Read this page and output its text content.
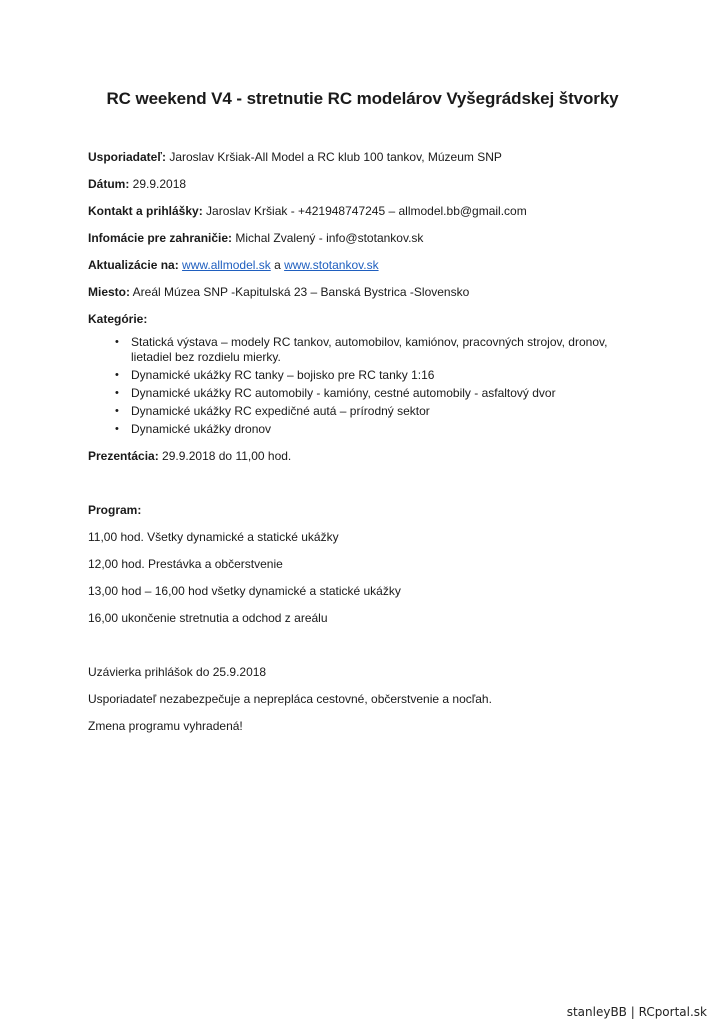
RC weekend V4 - stretnutie RC modelárov Vyšegrádskej štvorky

Usporiadateľ: Jaroslav Kršiak-All Model a RC klub 100 tankov, Múzeum SNP

Dátum: 29.9.2018

Kontakt a prihlášky: Jaroslav Kršiak - +421948747245 – allmodel.bb@gmail.com

Infomácie pre zahraničie: Michal Zvalený - info@stotankov.sk

Aktualizácie na: www.allmodel.sk a www.stotankov.sk

Miesto: Areál Múzea SNP -Kapitulská 23 – Banská Bystrica -Slovensko

Kategórie:

• Statická výstava – modely RC tankov, automobilov, kamiónov, pracovných strojov, dronov,
lietadiel bez rozdielu mierky.
• Dynamické ukážky RC tanky – bojisko pre RC tanky 1:16
• Dynamické ukážky RC automobily - kamióny, cestné automobily - asfaltový dvor
• Dynamické ukážky RC expedičné autá – prírodný sektor
• Dynamické ukážky dronov

Prezentácia: 29.9.2018 do 11,00 hod.

Program:

11,00 hod. Všetky dynamické a statické ukážky

12,00 hod. Prestávka a občerstvenie

13,00 hod – 16,00 hod všetky dynamické a statické ukážky

16,00 ukončenie stretnutia a odchod z areálu

Uzávierka prihlášok do 25.9.2018

Usporiadateľ nezabezpečuje a nepreplácа cestovné, občerstvenie a nocľah.

Zmena programu vyhradená!

stanleyBB | RCportal.sk
